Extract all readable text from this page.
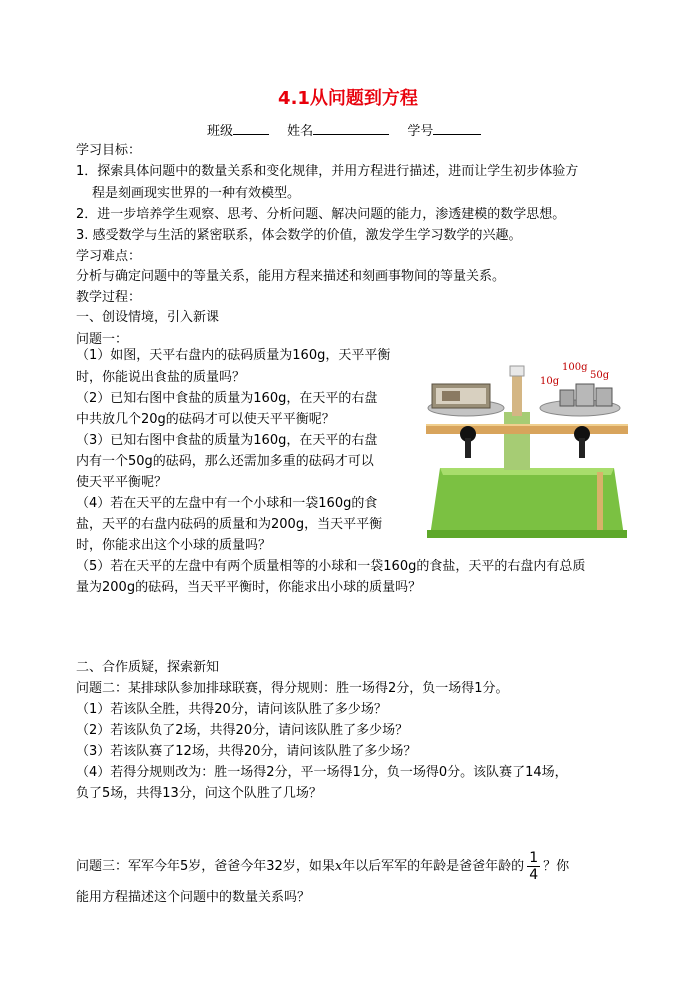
4.1从问题到方程
班级	姓名	学号
学习目标：
1．探索具体问题中的数量关系和变化规律，并用方程进行描述，进而让学生初步体验方
程是刻画现实世界的一种有效模型。
2．进一步培养学生观察、思考、分析问题、解决问题的能力，渗透建模的数学思想。
3. 感受数学与生活的紧密联系，体会数学的价值，激发学生学习数学的兴趣。
学习难点：
分析与确定问题中的等量关系，能用方程来描述和刻画事物间的等量关系。
教学过程：
一、创设情境，引入新课
问题一：
（1）如图，天平右盘内的砝码质量为160g，天平平衡
时，你能说出食盐的质量吗？
（2）已知右图中食盐的质量为160g，在天平的右盘
中共放几个20g的砝码才可以使天平平衡呢？
（3）已知右图中食盐的质量为160g，在天平的右盘
内有一个50g的砝码，那么还需加多重的砝码才可以
使天平平衡呢？
（4）若在天平的左盘中有一个小球和一袋160g的食
盐，天平的右盘内砝码的质量和为200g，当天平平衡
时，你能求出这个小球的质量吗？
（5）若在天平的左盘中有两个质量相等的小球和一袋160g的食盐，天平的右盘内有总质
量为200g的砝码，当天平平衡时，你能求出小球的质量吗？
100g
10g
50g
二、合作质疑，探索新知
问题二：某排球队参加排球联赛，得分规则：胜一场得2分，负一场得1分。
（1）若该队全胜，共得20分，请问该队胜了多少场？
（2）若该队负了2场，共得20分，请问该队胜了多少场？
（3）若该队赛了12场，共得20分，请问该队胜了多少场？
（4）若得分规则改为：胜一场得2分，平一场得1分，负一场得0分。该队赛了14场，
负了5场，共得13分，问这个队胜了几场？
问题三：军军今年5岁，爸爸今年32岁，如果x年以后军军的年龄是爸爸年龄的 $\frac{1}{4}$ ？你
能用方程描述这个问题中的数量关系吗？
